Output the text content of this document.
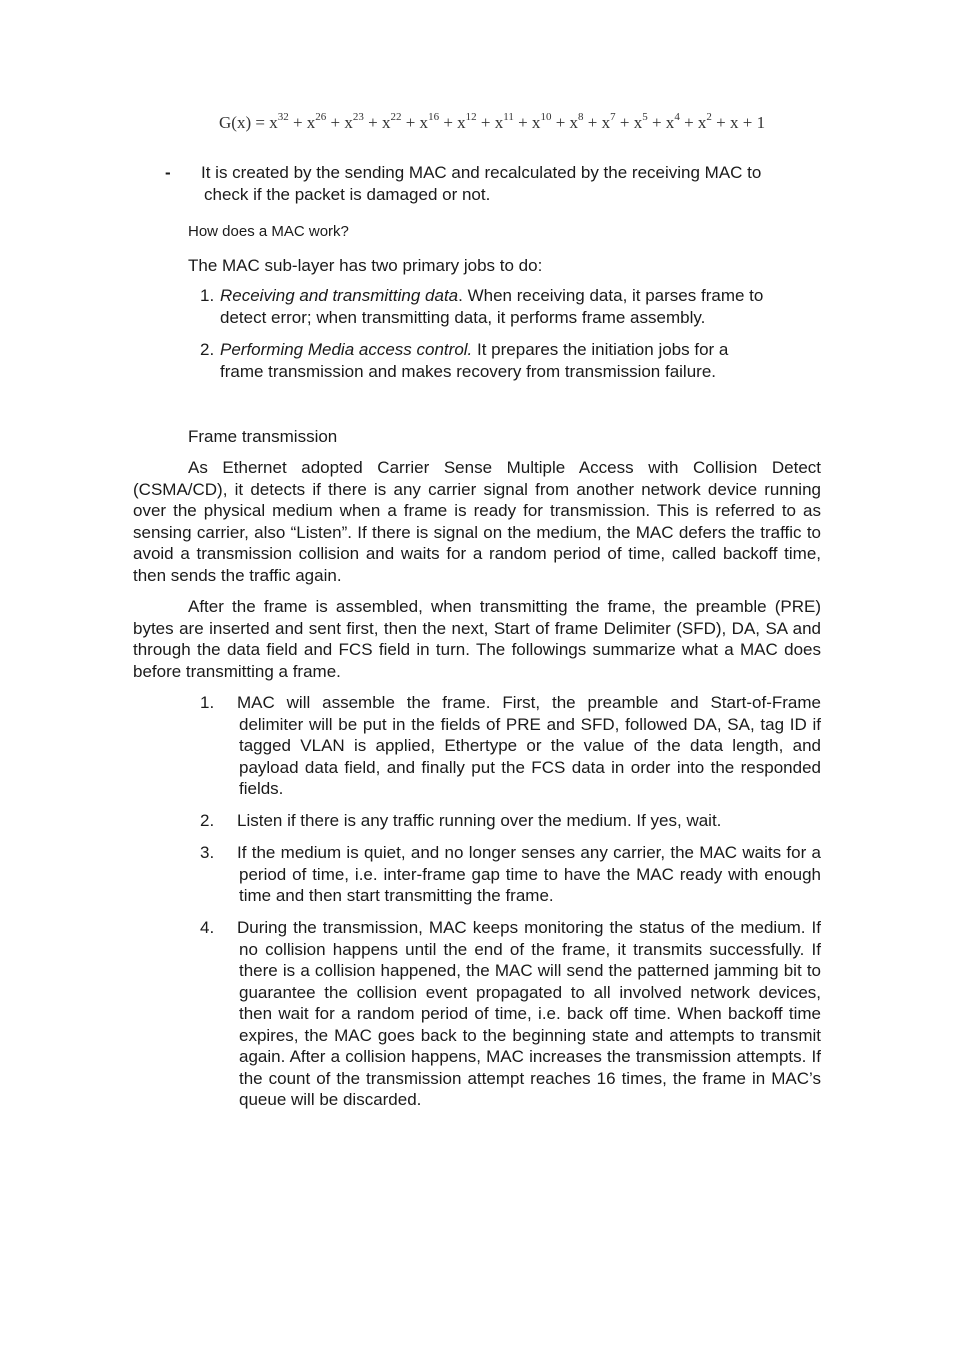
$G(x) = x^{32} + x^{26} + x^{23} + x^{22} + x^{16} + x^{12} + x^{11} + x^{10} + x^8 + x^7 + x^5 + x^4 + x^2 + x + 1$
- It is created by the sending MAC and recalculated by the receiving MAC to
check if the packet is damaged or not.
How does a MAC work?
The MAC sub-layer has two primary jobs to do:
1. Receiving and transmitting data. When receiving data, it parses frame to
detect error; when transmitting data, it performs frame assembly.
2. Performing Media access control. It prepares the initiation jobs for a
frame transmission and makes recovery from transmission failure.
Frame transmission
As Ethernet adopted Carrier Sense Multiple Access with Collision Detect (CSMA/CD), it detects if there is any carrier signal from another network device running over the physical medium when a frame is ready for transmission. This is referred to as sensing carrier, also “Listen”. If there is signal on the medium, the MAC defers the traffic to avoid a transmission collision and waits for a random period of time, called backoff time, then sends the traffic again.
After the frame is assembled, when transmitting the frame, the preamble (PRE) bytes are inserted and sent first, then the next, Start of frame Delimiter (SFD), DA, SA and through the data field and FCS field in turn. The followings summarize what a MAC does before transmitting a frame.
1. MAC will assemble the frame. First, the preamble and Start-of-Frame delimiter will be put in the fields of PRE and SFD, followed DA, SA, tag ID if tagged VLAN is applied, Ethertype or the value of the data length, and payload data field, and finally put the FCS data in order into the responded fields.
2. Listen if there is any traffic running over the medium. If yes, wait.
3. If the medium is quiet, and no longer senses any carrier, the MAC waits for a period of time, i.e. inter-frame gap time to have the MAC ready with enough time and then start transmitting the frame.
4. During the transmission, MAC keeps monitoring the status of the medium. If no collision happens until the end of the frame, it transmits successfully. If there is a collision happened, the MAC will send the patterned jamming bit to guarantee the collision event propagated to all involved network devices, then wait for a random period of time, i.e. back off time. When backoff time expires, the MAC goes back to the beginning state and attempts to transmit again. After a collision happens, MAC increases the transmission attempts. If the count of the transmission attempt reaches 16 times, the frame in MAC’s queue will be discarded.
